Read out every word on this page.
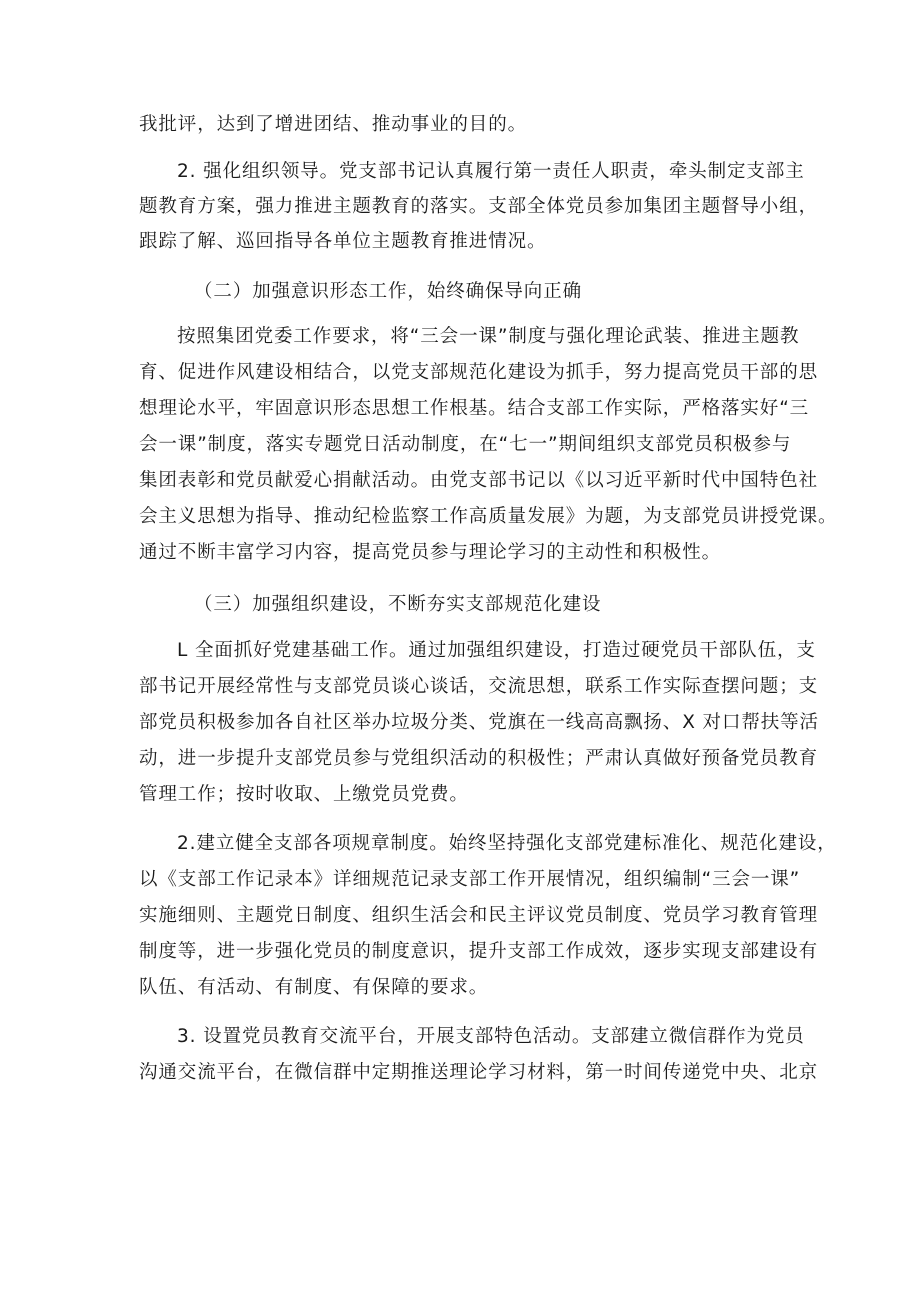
我批评，达到了增进团结、推动事业的目的。
2. 强化组织领导。党支部书记认真履行第一责任人职责，牵头制定支部主
题教育方案，强力推进主题教育的落实。支部全体党员参加集团主题督导小组，
跟踪了解、巡回指导各单位主题教育推进情况。
（二）加强意识形态工作，始终确保导向正确
按照集团党委工作要求，将“三会一课”制度与强化理论武装、推进主题教
育、促进作风建设相结合，以党支部规范化建设为抓手，努力提高党员干部的思
想理论水平，牢固意识形态思想工作根基。结合支部工作实际，严格落实好“三
会一课”制度，落实专题党日活动制度，在“七一”期间组织支部党员积极参与
集团表彰和党员献爱心捐献活动。由党支部书记以《以习近平新时代中国特色社
会主义思想为指导、推动纪检监察工作高质量发展》为题，为支部党员讲授党课。
通过不断丰富学习内容，提高党员参与理论学习的主动性和积极性。
（三）加强组织建设，不断夯实支部规范化建设
L 全面抓好党建基础工作。通过加强组织建设，打造过硬党员干部队伍，支
部书记开展经常性与支部党员谈心谈话，交流思想，联系工作实际查摆问题；支
部党员积极参加各自社区举办垃圾分类、党旗在一线高高飘扬、X 对口帮扶等活
动，进一步提升支部党员参与党组织活动的积极性；严肃认真做好预备党员教育
管理工作；按时收取、上缴党员党费。
2.建立健全支部各项规章制度。始终坚持强化支部党建标准化、规范化建设，
以《支部工作记录本》详细规范记录支部工作开展情况，组织编制“三会一课”
实施细则、主题党日制度、组织生活会和民主评议党员制度、党员学习教育管理
制度等，进一步强化党员的制度意识，提升支部工作成效，逐步实现支部建设有
队伍、有活动、有制度、有保障的要求。
3. 设置党员教育交流平台，开展支部特色活动。支部建立微信群作为党员
沟通交流平台，在微信群中定期推送理论学习材料，第一时间传递党中央、北京
